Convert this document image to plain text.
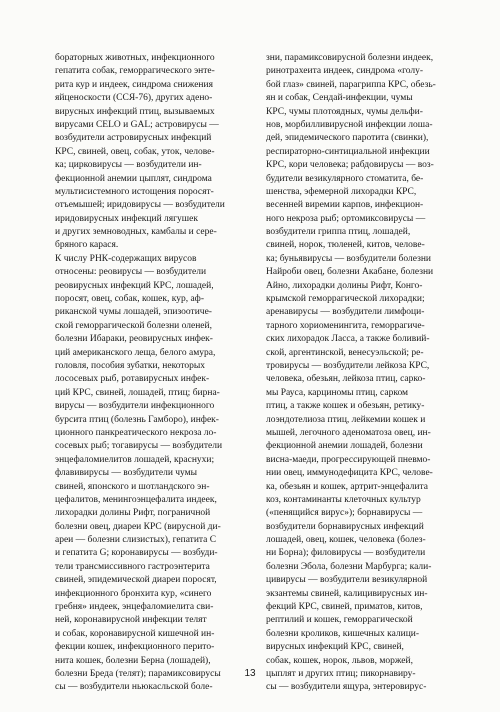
бораторных животных, инфекционного
гепатита собак, геморрагического энте-
рита кур и индеек, синдрома снижения
яйценоскости (ССЯ-76), других адено-
вирусных инфекций птиц, вызываемых
вирусами CELO и GAL; астровирусы —
возбудители астровирусных инфекций
КРС, свиней, овец, собак, уток, челове-
ка; цирковирусы — возбудители ин-
фекционной анемии цыплят, синдрома
мультисистемного истощения поросят-
отъемышей; иридовирусы — возбудители
иридовирусных инфекций лягушек
и других земноводных, камбалы и сере-
бряного карася.
К числу РНК-содержащих вирусов
относены: реовирусы — возбудители
реовирусных инфекций КРС, лошадей,
поросят, овец, собак, кошек, кур, аф-
риканской чумы лошадей, эпизоотиче-
ской геморрагической болезни оленей,
болезни Ибараки, реовирусных инфек-
ций американского леща, белого амура,
головля, пособия зубатки, некоторых
лососевых рыб, ротавирусных инфек-
ций КРС, свиней, лошадей, птиц; бирна-
вирусы — возбудители инфекционного
бурсита птиц (болезнь Гамборо), инфек-
ционного панкреатического некроза ло-
сосевых рыб; тогавирусы — возбудители
энцефаломиелитов лошадей, краснухи;
флавивирусы — возбудители чумы
свиней, японского и шотландского эн-
цефалитов, менингоэнцефалита индеек,
лихорадки долины Рифт, пограничной
болезни овец, диареи КРС (вирусной ди-
ареи — болезни слизистых), гепатита С
и гепатита G; коронавирусы — возбуди-
тели трансмиссивного гастроэнтерита
свиней, эпидемической диареи поросят,
инфекционного бронхита кур, «синего
гребня» индеек, энцефаломиелита сви-
ней, коронавирусной инфекции телят
и собак, коронавирусной кишечной ин-
фекции кошек, инфекционного перито-
нита кошек, болезни Берна (лошадей),
болезни Бреда (телят); парамиксовирусы
сы — возбудители ньюкасльской боле-
зни, парамиксовирусной болезни индеек,
ринотрахеита индеек, синдрома «голу-
бой глаз» свиней, парагриппа КРС, обезь-
ян и собак, Сендай-инфекции, чумы
КРС, чумы плотоядных, чумы дельфи-
нов, морбилливирусной инфекции лоша-
дей, эпидемического паротита (свинки),
респираторно-синтициальной инфекции
КРС, кори человека; рабдовирусы — воз-
будители везикулярного стоматита, бе-
шенства, эфемерной лихорадки КРС,
весенней виремии карпов, инфекцион-
ного некроза рыб; ортомиксовирусы —
возбудители гриппа птиц, лошадей,
свиней, норок, тюленей, китов, челове-
ка; буньявирусы — возбудители болезни
Найроби овец, болезни Акабане, болезни
Айно, лихорадки долины Рифт, Конго-
крымской геморрагической лихорадки;
аренавирусы — возбудители лимфоци-
тарного хориоменингита, геморрагиче-
ских лихорадок Ласса, а также боливий-
ской, аргентинской, венесуэльской; ре-
тровирусы — возбудители лейкоза КРС,
человека, обезьян, лейкоза птиц, сарко-
мы Рауса, карциномы птиц, сарком
птиц, а также кошек и обезьян, ретику-
лоэндотелиоза птиц, лейкемии кошек и
мышей, легочного аденоматоза овец, ин-
фекционной анемии лошадей, болезни
висна-маеди, прогрессирующей пневмо-
нии овец, иммунодефицита КРС, челове-
ка, обезьян и кошек, артрит-энцефалита
коз, контаминанты клеточных культур
(«пенящийся вирус»); борнавирусы —
возбудители борнавирусных инфекций
лошадей, овец, кошек, человека (болез-
ни Борна); филовирусы — возбудители
болезни Эбола, болезни Марбурга; кали-
цивирусы — возбудители везикулярной
экзантемы свиней, калицивирусных ин-
фекций КРС, свиней, приматов, китов,
рептилий и кошек, геморрагической
болезни кроликов, кишечных калици-
вирусных инфекций КРС, свиней,
собак, кошек, норок, львов, моржей,
цыплят и других птиц; пикорнавиру-
сы — возбудители ящура, энтеровирус-
13
